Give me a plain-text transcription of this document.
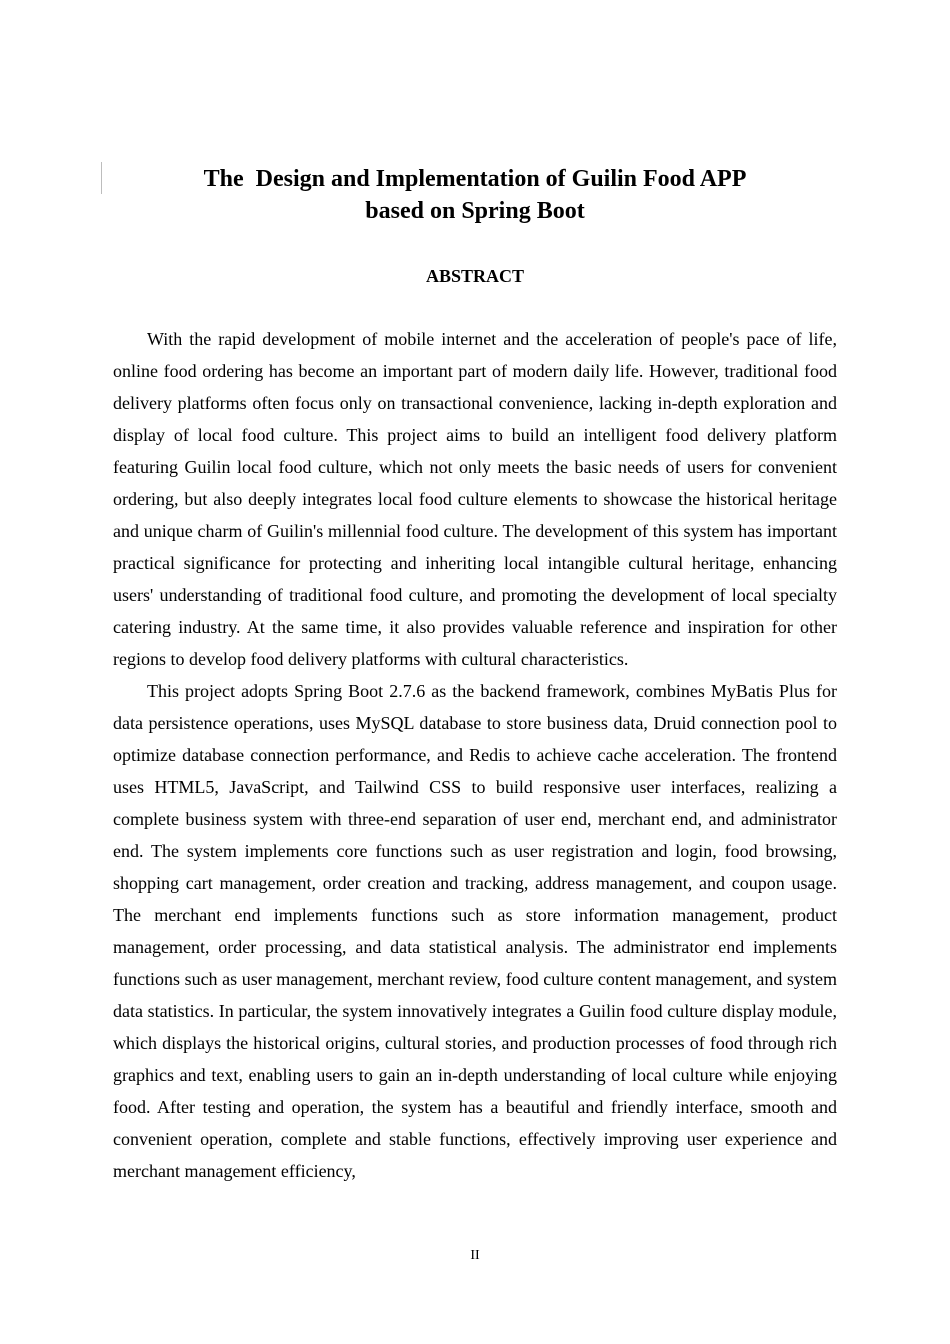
The  Design and Implementation of Guilin Food APP
based on Spring Boot
ABSTRACT

With the rapid development of mobile internet and the acceleration of people's pace of life, online food ordering has become an important part of modern daily life. However, traditional food delivery platforms often focus only on transactional convenience, lacking in-depth exploration and display of local food culture. This project aims to build an intelligent food delivery platform featuring Guilin local food culture, which not only meets the basic needs of users for convenient ordering, but also deeply integrates local food culture elements to showcase the historical heritage and unique charm of Guilin's millennial food culture. The development of this system has important practical significance for protecting and inheriting local intangible cultural heritage, enhancing users' understanding of traditional food culture, and promoting the development of local specialty catering industry. At the same time, it also provides valuable reference and inspiration for other regions to develop food delivery platforms with cultural characteristics.

This project adopts Spring Boot 2.7.6 as the backend framework, combines MyBatis Plus for data persistence operations, uses MySQL database to store business data, Druid connection pool to optimize database connection performance, and Redis to achieve cache acceleration. The frontend uses HTML5, JavaScript, and Tailwind CSS to build responsive user interfaces, realizing a complete business system with three-end separation of user end, merchant end, and administrator end. The system implements core functions such as user registration and login, food browsing, shopping cart management, order creation and tracking, address management, and coupon usage. The merchant end implements functions such as store information management, product management, order processing, and data statistical analysis. The administrator end implements functions such as user management, merchant review, food culture content management, and system data statistics. In particular, the system innovatively integrates a Guilin food culture display module, which displays the historical origins, cultural stories, and production processes of food through rich graphics and text, enabling users to gain an in-depth understanding of local culture while enjoying food. After testing and operation, the system has a beautiful and friendly interface, smooth and convenient operation, complete and stable functions, effectively improving user experience and merchant management efficiency,

II
